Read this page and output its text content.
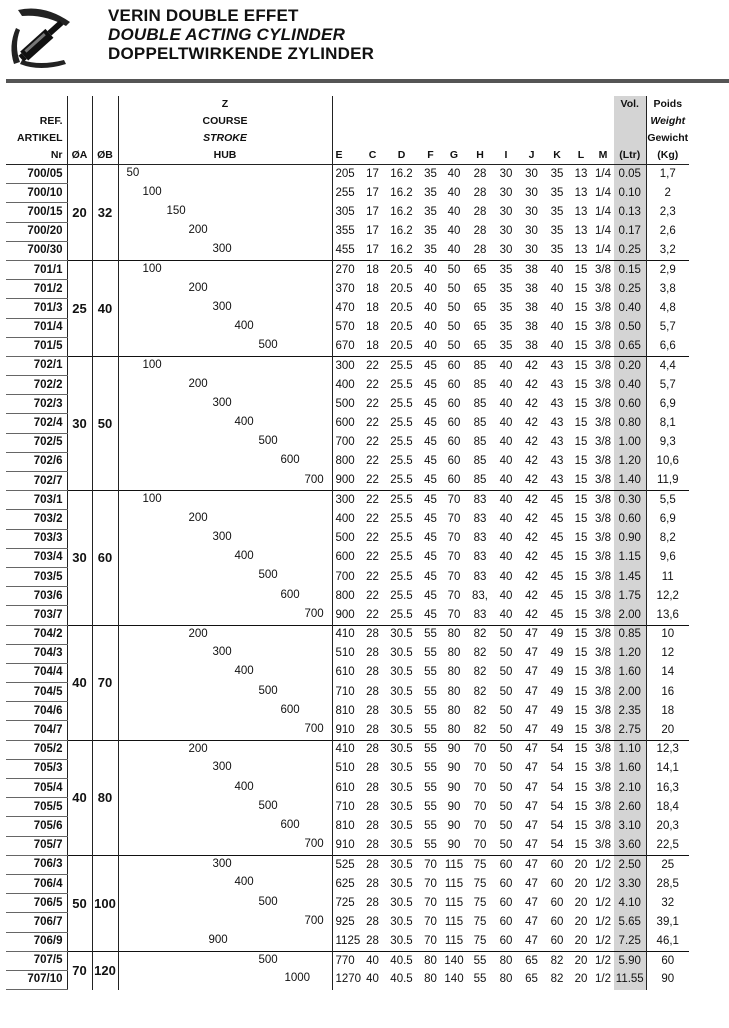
VERIN DOUBLE EFFET
DOUBLE ACTING CYLINDER
DOPPELTWIRKENDE ZYLINDER
REF.
ARTIKEL
Nr	ØA	ØB	Z
COURSE
STROKE
HUB	E	C	D	F	G	H	I	J	K	L	M	Vol.

(Ltr)	Poids
Weight
Gewicht
(Kg)

700/05	20	32	50	205	17	16.2	35	40	28	30	30	35	13	1/4	0.05	1,7
700/10			100	255	17	16.2	35	40	28	30	30	35	13	1/4	0.10	2
700/15			150	305	17	16.2	35	40	28	30	30	35	13	1/4	0.13	2,3
700/20			200	355	17	16.2	35	40	28	30	30	35	13	1/4	0.17	2,6
700/30			300	455	17	16.2	35	40	28	30	30	35	13	1/4	0.25	3,2
701/1	25	40	100	270	18	20.5	40	50	65	35	38	40	15	3/8	0.15	2,9
701/2			200	370	18	20.5	40	50	65	35	38	40	15	3/8	0.25	3,8
701/3			300	470	18	20.5	40	50	65	35	38	40	15	3/8	0.40	4,8
701/4			400	570	18	20.5	40	50	65	35	38	40	15	3/8	0.50	5,7
701/5			500	670	18	20.5	40	50	65	35	38	40	15	3/8	0.65	6,6
702/1	30	50	100	300	22	25.5	45	60	85	40	42	43	15	3/8	0.20	4,4
702/2			200	400	22	25.5	45	60	85	40	42	43	15	3/8	0.40	5,7
702/3			300	500	22	25.5	45	60	85	40	42	43	15	3/8	0.60	6,9
702/4			400	600	22	25.5	45	60	85	40	42	43	15	3/8	0.80	8,1
702/5			500	700	22	25.5	45	60	85	40	42	43	15	3/8	1.00	9,3
702/6			600	800	22	25.5	45	60	85	40	42	43	15	3/8	1.20	10,6
702/7			700	900	22	25.5	45	60	85	40	42	43	15	3/8	1.40	11,9
703/1	30	60	100	300	22	25.5	45	70	83	40	42	45	15	3/8	0.30	5,5
703/2			200	400	22	25.5	45	70	83	40	42	45	15	3/8	0.60	6,9
703/3			300	500	22	25.5	45	70	83	40	42	45	15	3/8	0.90	8,2
703/4			400	600	22	25.5	45	70	83	40	42	45	15	3/8	1.15	9,6
703/5			500	700	22	25.5	45	70	83	40	42	45	15	3/8	1.45	11
703/6			600	800	22	25.5	45	70	83,	40	42	45	15	3/8	1.75	12,2
703/7			700	900	22	25.5	45	70	83	40	42	45	15	3/8	2.00	13,6
704/2	40	70	200	410	28	30.5	55	80	82	50	47	49	15	3/8	0.85	10
704/3			300	510	28	30.5	55	80	82	50	47	49	15	3/8	1.20	12
704/4			400	610	28	30.5	55	80	82	50	47	49	15	3/8	1.60	14
704/5			500	710	28	30.5	55	80	82	50	47	49	15	3/8	2.00	16
704/6			600	810	28	30.5	55	80	82	50	47	49	15	3/8	2.35	18
704/7			700	910	28	30.5	55	80	82	50	47	49	15	3/8	2.75	20
705/2	40	80	200	410	28	30.5	55	90	70	50	47	54	15	3/8	1.10	12,3
705/3			300	510	28	30.5	55	90	70	50	47	54	15	3/8	1.60	14,1
705/4			400	610	28	30.5	55	90	70	50	47	54	15	3/8	2.10	16,3
705/5			500	710	28	30.5	55	90	70	50	47	54	15	3/8	2.60	18,4
705/6			600	810	28	30.5	55	90	70	50	47	54	15	3/8	3.10	20,3
705/7			700	910	28	30.5	55	90	70	50	47	54	15	3/8	3.60	22,5
706/3	50	100	300	525	28	30.5	70	115	75	60	47	60	20	1/2	2.50	25
706/4			400	625	28	30.5	70	115	75	60	47	60	20	1/2	3.30	28,5
706/5			500	725	28	30.5	70	115	75	60	47	60	20	1/2	4.10	32
706/7			700	925	28	30.5	70	115	75	60	47	60	20	1/2	5.65	39,1
706/9			900	1125	28	30.5	70	115	75	60	47	60	20	1/2	7.25	46,1
707/5	70	120	500	770	40	40.5	80	140	55	80	65	82	20	1/2	5.90	60
707/10			1000	1270	40	40.5	80	140	55	80	65	82	20	1/2	11.55	90
